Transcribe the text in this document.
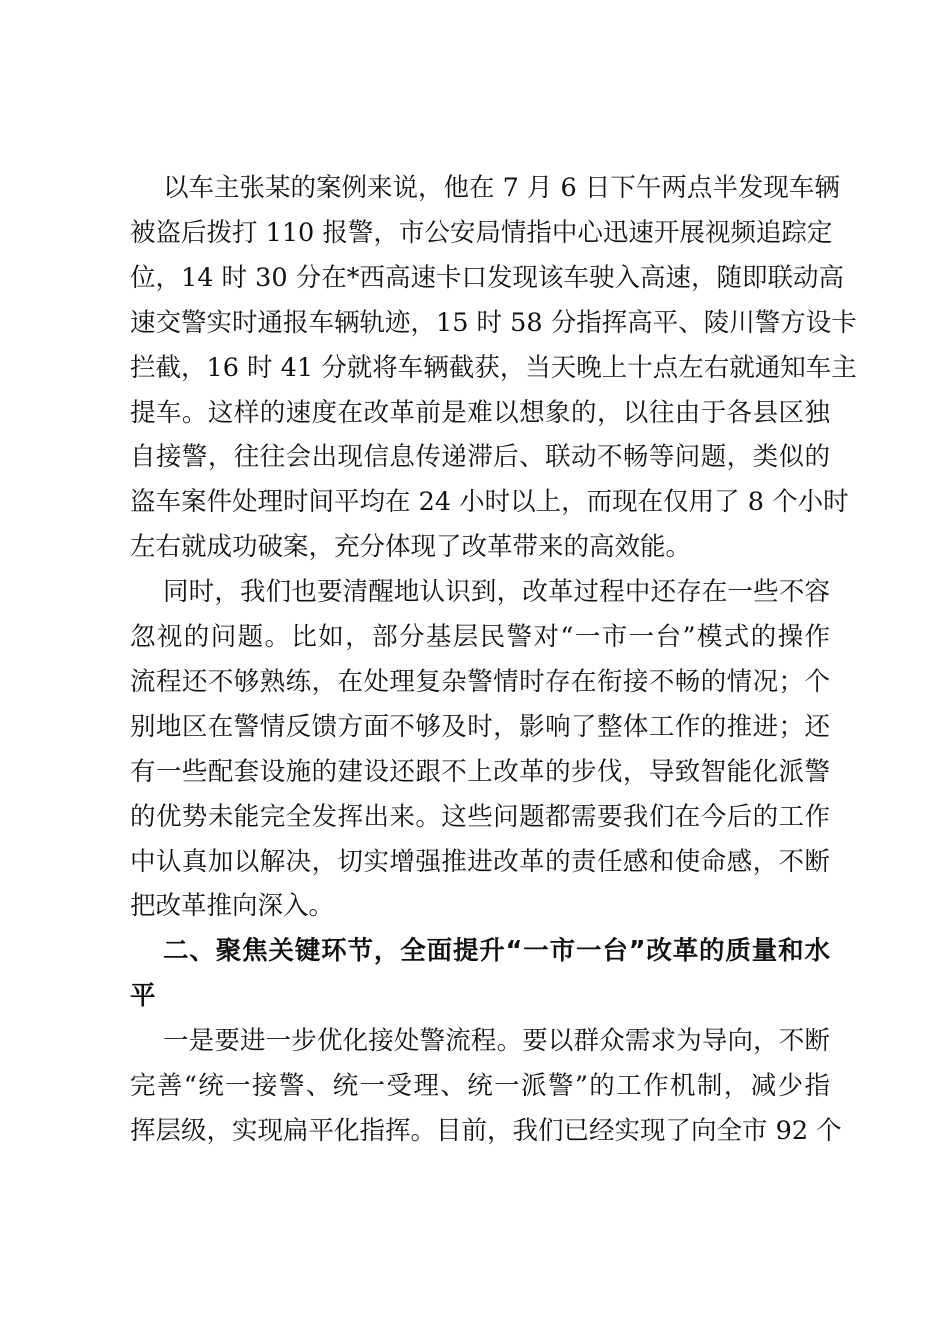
以车主张某的案例来说，他在 7 月 6 日下午两点半发现车辆
被盗后拨打 110 报警，市公安局情指中心迅速开展视频追踪定
位，14 时 30 分在*西高速卡口发现该车驶入高速，随即联动高
速交警实时通报车辆轨迹，15 时 58 分指挥高平、陵川警方设卡
拦截，16 时 41 分就将车辆截获，当天晚上十点左右就通知车主
提车。这样的速度在改革前是难以想象的，以往由于各县区独
自接警，往往会出现信息传递滞后、联动不畅等问题，类似的
盗车案件处理时间平均在 24 小时以上，而现在仅用了 8 个小时
左右就成功破案，充分体现了改革带来的高效能。
同时，我们也要清醒地认识到，改革过程中还存在一些不容
忽视的问题。比如，部分基层民警对“一市一台”模式的操作
流程还不够熟练，在处理复杂警情时存在衔接不畅的情况；个
别地区在警情反馈方面不够及时，影响了整体工作的推进；还
有一些配套设施的建设还跟不上改革的步伐，导致智能化派警
的优势未能完全发挥出来。这些问题都需要我们在今后的工作
中认真加以解决，切实增强推进改革的责任感和使命感，不断
把改革推向深入。
二、聚焦关键环节，全面提升“一市一台”改革的质量和水
平
一是要进一步优化接处警流程。要以群众需求为导向，不断
完善“统一接警、统一受理、统一派警”的工作机制，减少指
挥层级，实现扁平化指挥。目前，我们已经实现了向全市 92 个
